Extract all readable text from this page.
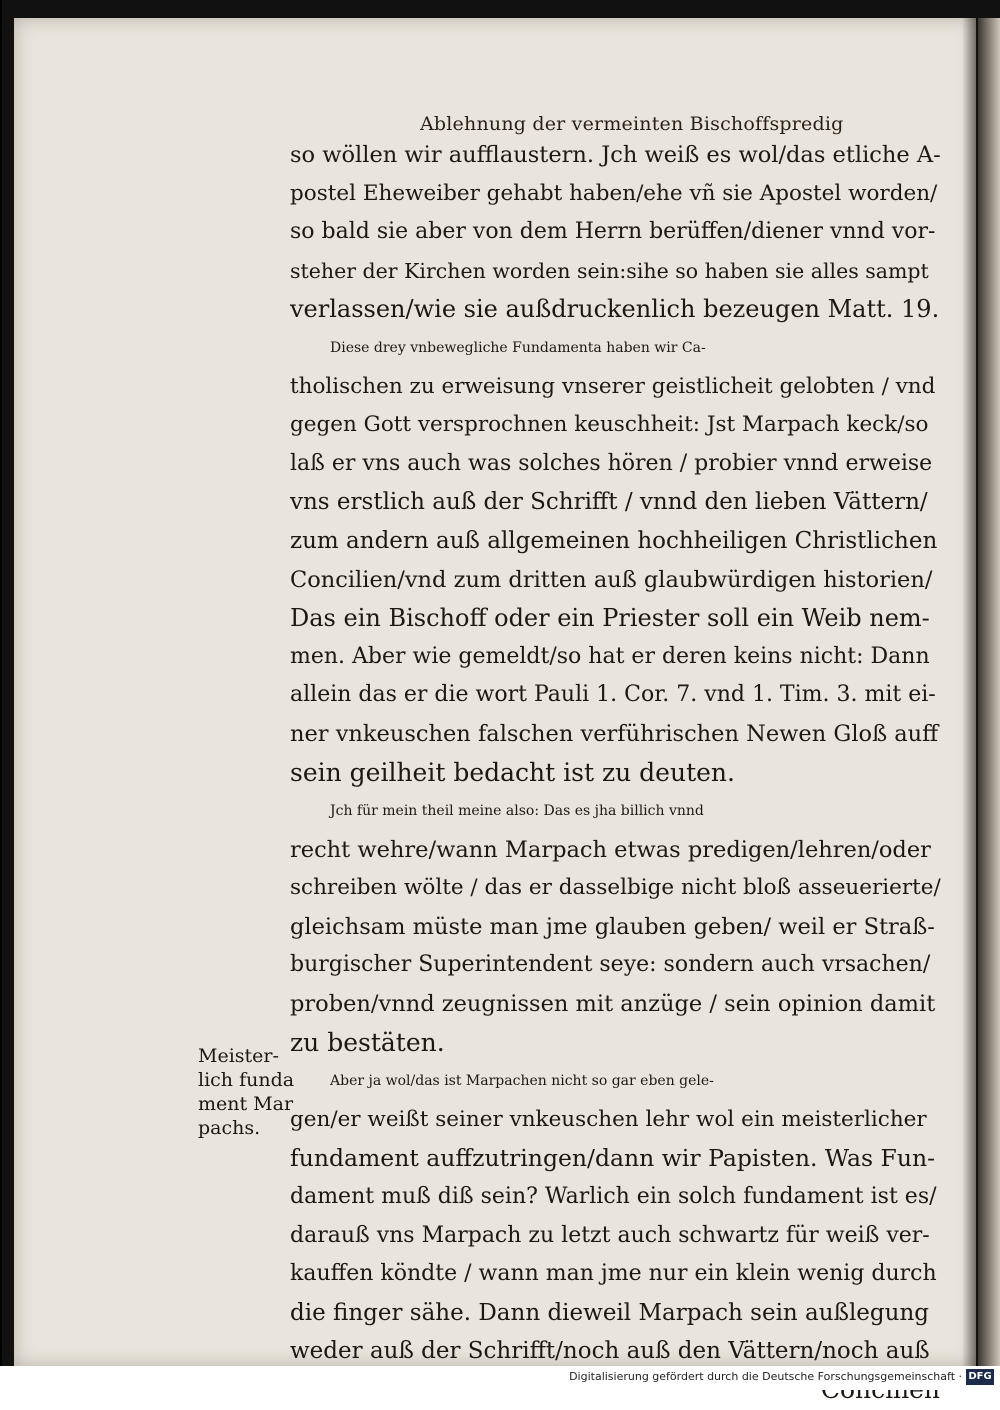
Ablehnung der vermeinten Bischoffspredig
so wöllen wir aufflaustern. Jch weiß es wol/das etliche A-
postel Eheweiber gehabt haben/ehe vñ sie Apostel worden/
so bald sie aber von dem Herrn berüffen/diener vnnd vor-
steher der Kirchen worden sein:sihe so haben sie alles sampt
verlassen/wie sie außdruckenlich bezeugen Matt. 19.
Diese drey vnbewegliche Fundamenta haben wir Ca-
tholischen zu erweisung vnserer geistlicheit gelobten / vnd
gegen Gott versprochnen keuschheit: Jst Marpach keck/so
laß er vns auch was solches hören / probier vnnd erweise
vns erstlich auß der Schrifft / vnnd den lieben Vättern/
zum andern auß allgemeinen hochheiligen Christlichen
Concilien/vnd zum dritten auß glaubwürdigen historien/
Das ein Bischoff oder ein Priester soll ein Weib nem-
men. Aber wie gemeldt/so hat er deren keins nicht: Dann
allein das er die wort Pauli 1. Cor. 7. vnd 1. Tim. 3. mit ei-
ner vnkeuschen falschen verführischen Newen Gloß auff
sein geilheit bedacht ist zu deuten.
Jch für mein theil meine also: Das es jha billich vnnd
recht wehre/wann Marpach etwas predigen/lehren/oder
schreiben wölte / das er dasselbige nicht bloß asseuerierte/
gleichsam müste man jme glauben geben/ weil er Straß-
burgischer Superintendent seye: sondern auch vrsachen/
proben/vnnd zeugnissen mit anzüge / sein opinion damit
zu bestäten.
Aber ja wol/das ist Marpachen nicht so gar eben gele-
gen/er weißt seiner vnkeuschen lehr wol ein meisterlicher
fundament auffzutringen/dann wir Papisten. Was Fun-
dament muß diß sein? Warlich ein solch fundament ist es/
darauß vns Marpach zu letzt auch schwartz für weiß ver-
kauffen köndte / wann man jme nur ein klein wenig durch
die finger sähe. Dann dieweil Marpach sein außlegung
weder auß der Schrifft/noch auß den Vättern/noch auß
Meister-
lich funda
ment Mar
pachs.
Digitalisierung gefördert durch die Deutsche Forschungsgemeinschaft · DFG
